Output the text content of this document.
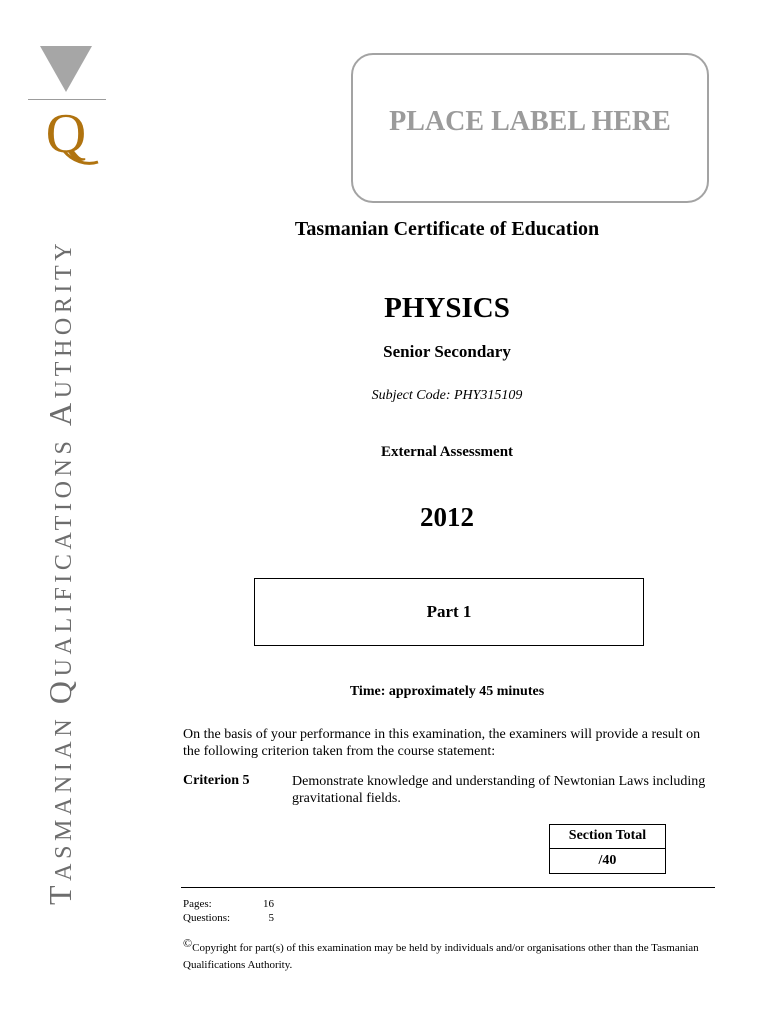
Q
TASMANIAN QUALIFICATIONS AUTHORITY
PLACE LABEL HERE
Tasmanian Certificate of Education
PHYSICS
Senior Secondary
Subject Code: PHY315109
External Assessment
2012
Part 1
Time: approximately 45 minutes
On the basis of your performance in this examination, the examiners will provide a result on the following criterion taken from the course statement:
Criterion 5	Demonstrate knowledge and understanding of Newtonian Laws including gravitational fields.
Section Total
/40
Pages:	16
Questions:	5
©Copyright for part(s) of this examination may be held by individuals and/or organisations other than the Tasmanian Qualifications Authority.
